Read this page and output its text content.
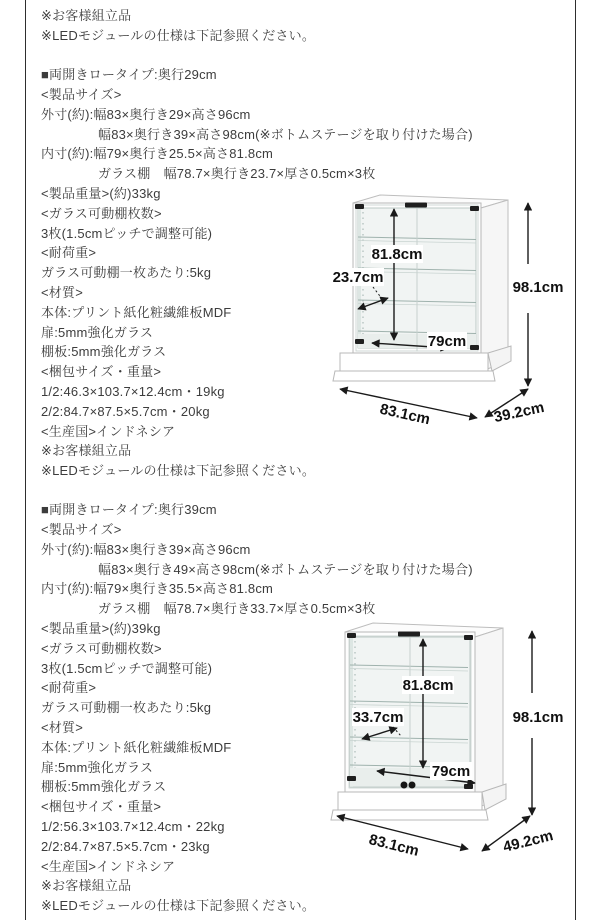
※お客様組立品
※LEDモジュールの仕様は下記参照ください。
■両開きロータイプ:奥行29cm
<製品サイズ>
外寸(約):幅83×奥行き29×高さ96cm
幅83×奥行き39×高さ98cm(※ボトムステージを取り付けた場合)
内寸(約):幅79×奥行き25.5×高さ81.8cm
ガラス棚　幅78.7×奥行き23.7×厚さ0.5cm×3枚
<製品重量>(約)33kg
<ガラス可動棚枚数>
3枚(1.5cmピッチで調整可能)
<耐荷重>
ガラス可動棚一枚あたり:5kg
<材質>
本体:プリント紙化粧繊維板MDF
扉:5mm強化ガラス
棚板:5mm強化ガラス
<梱包サイズ・重量>
1/2:46.3×103.7×12.4cm・19kg
2/2:84.7×87.5×5.7cm・20kg
<生産国>インドネシア
※お客様組立品
※LEDモジュールの仕様は下記参照ください。
81.8cm
23.7cm
79cm
98.1cm
83.1cm	39.2cm
■両開きロータイプ:奥行39cm
<製品サイズ>
外寸(約):幅83×奥行き39×高さ96cm
幅83×奥行き49×高さ98cm(※ボトムステージを取り付けた場合)
内寸(約):幅79×奥行き35.5×高さ81.8cm
ガラス棚　幅78.7×奥行き33.7×厚さ0.5cm×3枚
<製品重量>(約)39kg
<ガラス可動棚枚数>
3枚(1.5cmピッチで調整可能)
<耐荷重>
ガラス可動棚一枚あたり:5kg
<材質>
本体:プリント紙化粧繊維板MDF
扉:5mm強化ガラス
棚板:5mm強化ガラス
<梱包サイズ・重量>
1/2:56.3×103.7×12.4cm・22kg
2/2:84.7×87.5×5.7cm・23kg
<生産国>インドネシア
※お客様組立品
※LEDモジュールの仕様は下記参照ください。
81.8cm
33.7cm
79cm
98.1cm
83.1cm	49.2cm
